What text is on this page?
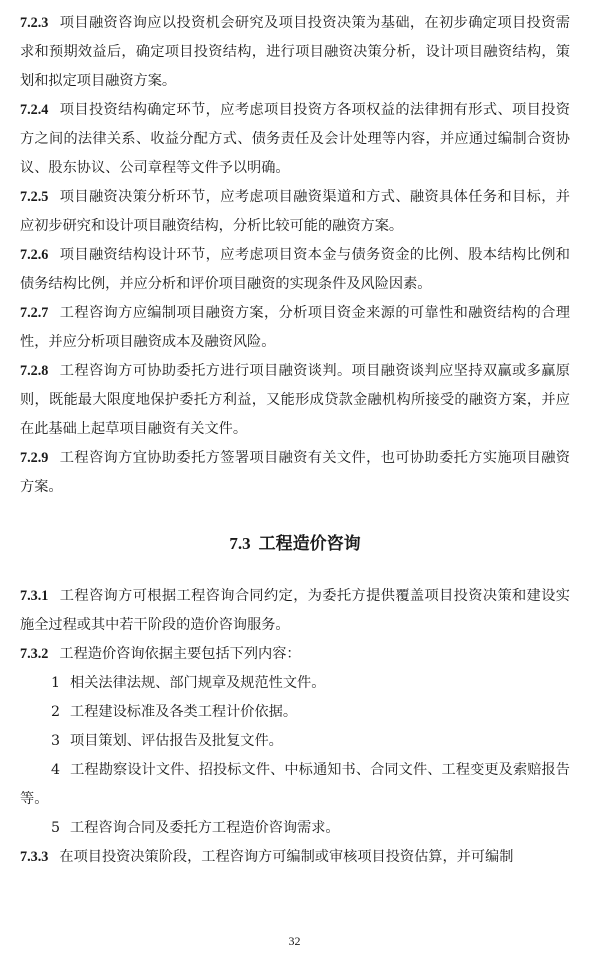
7.2.3 项目融资咨询应以投资机会研究及项目投资决策为基础，在初步确定项目投资需求和预期效益后，确定项目投资结构，进行项目融资决策分析，设计项目融资结构，策划和拟定项目融资方案。

7.2.4 项目投资结构确定环节，应考虑项目投资方各项权益的法律拥有形式、项目投资方之间的法律关系、收益分配方式、债务责任及会计处理等内容，并应通过编制合资协议、股东协议、公司章程等文件予以明确。

7.2.5 项目融资决策分析环节，应考虑项目融资渠道和方式、融资具体任务和目标，并应初步研究和设计项目融资结构，分析比较可能的融资方案。

7.2.6 项目融资结构设计环节，应考虑项目资本金与债务资金的比例、股本结构比例和债务结构比例，并应分析和评价项目融资的实现条件及风险因素。

7.2.7 工程咨询方应编制项目融资方案，分析项目资金来源的可靠性和融资结构的合理性，并应分析项目融资成本及融资风险。

7.2.8 工程咨询方可协助委托方进行项目融资谈判。项目融资谈判应坚持双赢或多赢原则，既能最大限度地保护委托方利益，又能形成贷款金融机构所接受的融资方案，并应在此基础上起草项目融资有关文件。

7.2.9 工程咨询方宜协助委托方签署项目融资有关文件，也可协助委托方实施项目融资方案。

7.3 工程造价咨询

7.3.1 工程咨询方可根据工程咨询合同约定，为委托方提供覆盖项目投资决策和建设实施全过程或其中若干阶段的造价咨询服务。

7.3.2 工程造价咨询依据主要包括下列内容：

1 相关法律法规、部门规章及规范性文件。

2 工程建设标准及各类工程计价依据。

3 项目策划、评估报告及批复文件。

4 工程勘察设计文件、招投标文件、中标通知书、合同文件、工程变更及索赔报告等。

5 工程咨询合同及委托方工程造价咨询需求。

7.3.3 在项目投资决策阶段，工程咨询方可编制或审核项目投资估算，并可编制

32
